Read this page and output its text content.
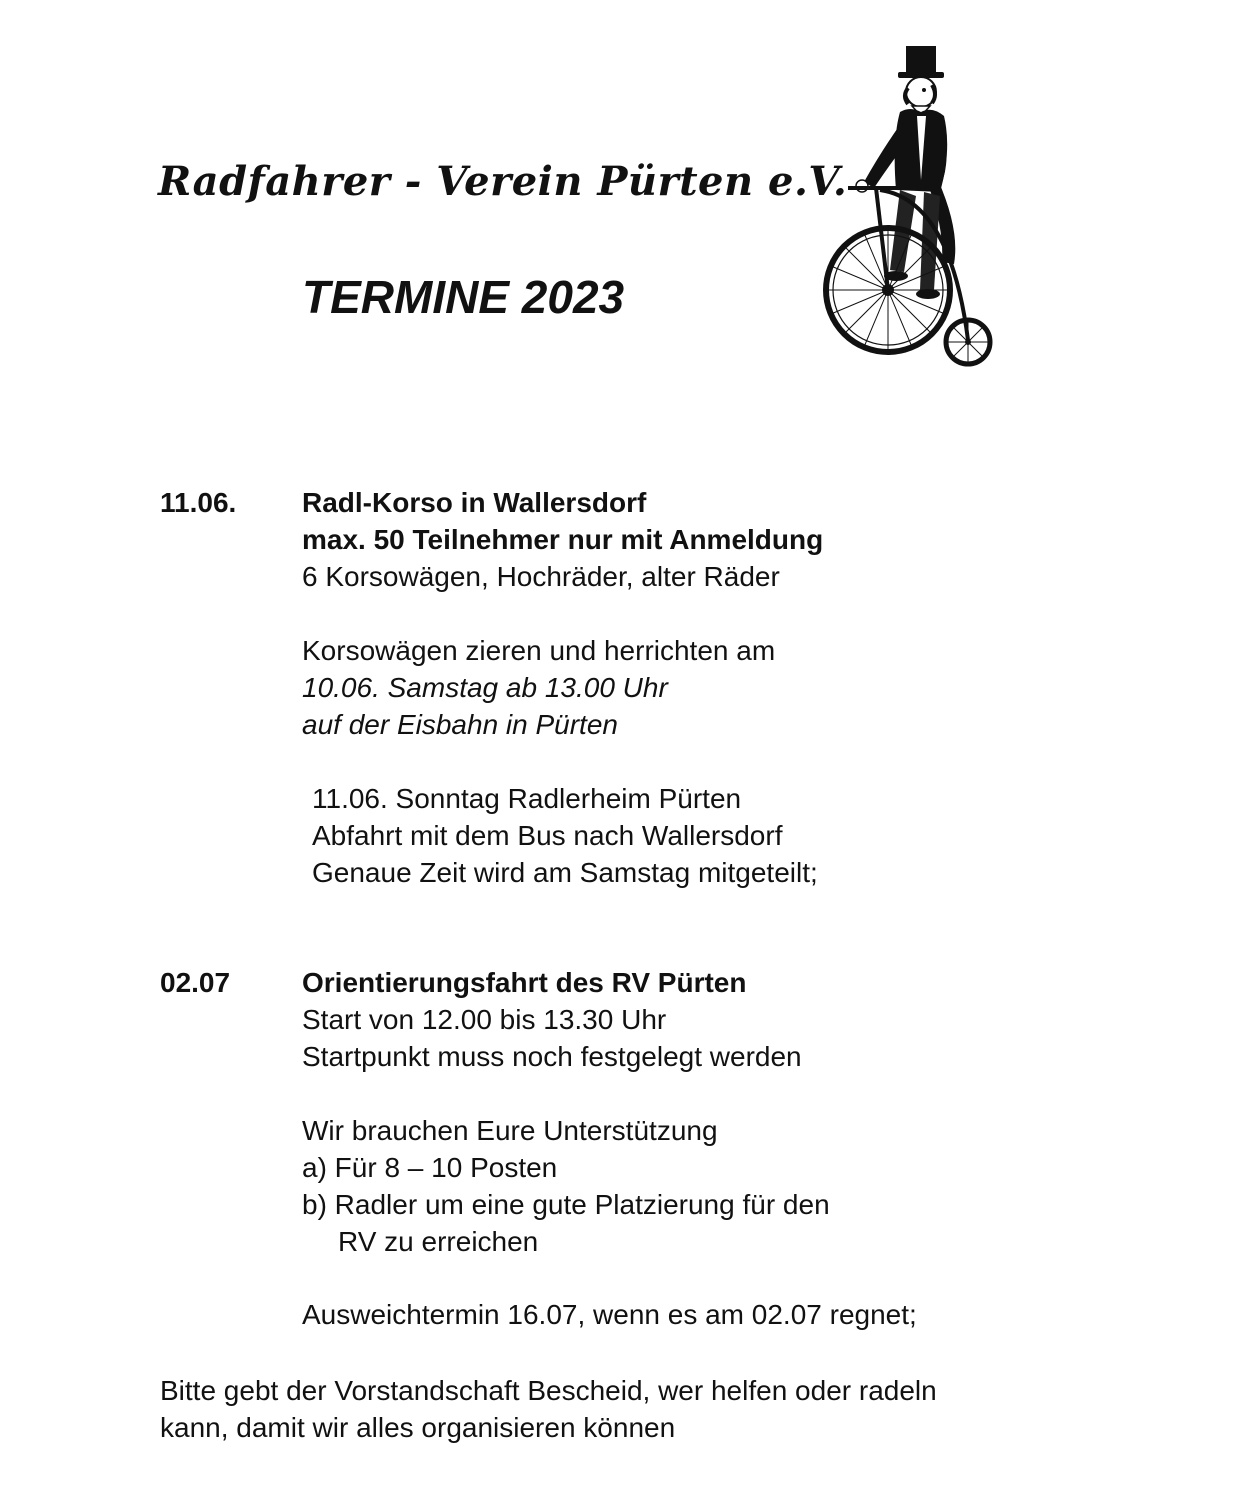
Radfahrer - Verein Pürten e.V.
TERMINE 2023
11.06. Radl-Korso in Wallersdorf
max. 50 Teilnehmer nur mit Anmeldung
6 Korsowägen, Hochräder, alter Räder
Korsowägen zieren und herrichten am
10.06. Samstag ab 13.00 Uhr
auf der Eisbahn in Pürten
11.06. Sonntag Radlerheim Pürten
Abfahrt mit dem Bus nach Wallersdorf
Genaue Zeit wird am Samstag mitgeteilt;
02.07	Orientierungsfahrt des RV Pürten
Start von 12.00 bis 13.30 Uhr
Startpunkt muss noch festgelegt werden
Wir brauchen Eure Unterstützung
a) Für 8 – 10 Posten
b) Radler um eine gute Platzierung für den
RV zu erreichen
Ausweichtermin 16.07, wenn es am 02.07 regnet;
Bitte gebt der Vorstandschaft Bescheid, wer helfen oder radeln
kann, damit wir alles organisieren können
